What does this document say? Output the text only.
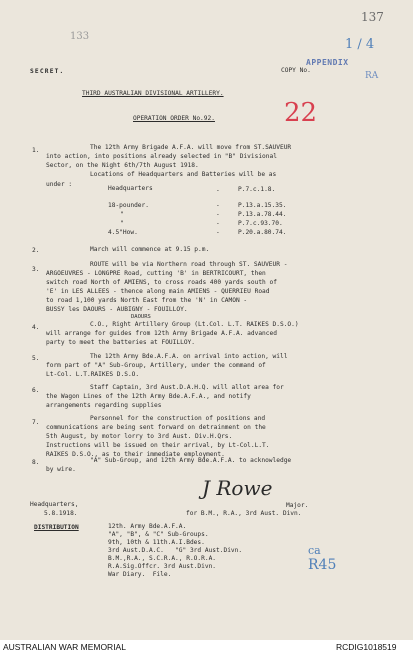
137
133
1 / 4
APPENDIX
RA
22
ca
R45
SECRET.	COPY No.
THIRD AUSTRALIAN DIVISIONAL ARTILLERY.
OPERATION ORDER No.92.
1.	The 12th Army Brigade A.F.A. will move from ST.SAUVEUR
into action, into positions already selected in "B" Divisional
Sector, on the Night 6th/7th August 1918.
Locations of Headquarters and Batteries will be as
under :
Headquarters	-	P.7.c.1.8.
18-pounder.	-	P.13.a.15.35.
"	-	P.13.a.78.44.
"	-	P.7.c.93.70.
4.5"How.	-	P.20.a.80.74.
2.	March will commence at 9.15 p.m.
3.
ROUTE will be via Northern road through ST. SAUVEUR -
ARGOEUVRES - LONGPRE Road, cutting 'B' in BERTRICOURT, then
switch road North of AMIENS, to cross roads 400 yards south of
'E' in LES ALLEES - thence along main AMIENS - QUERRIEU Road
to road 1,100 yards North East from the 'N' in CAMON -
BUSSY les DAOURS - AUBIGNY - FOUILLOY.
DAOURS
4.	C.O., Right Artillery Group (Lt.Col. L.T. RAIKES D.S.O.)
will arrange for guides from 12th Army Brigade A.F.A. advanced
party to meet the batteries at FOUILLOY.
5.	The 12th Army Bde.A.F.A. on arrival into action, will
form part of "A" Sub-Group, Artillery, under the command of
Lt-Col. L.T.RAIKES D.S.O.
6.	Staff Captain, 3rd Aust.D.A.H.Q. will allot area for
the Wagon Lines of the 12th Army Bde.A.F.A., and notify
arrangements regarding supplies
7.
Personnel for the construction of positions and
communications are being sent forward on detrainment on the
5th August, by motor lorry to 3rd Aust. Div.H.Qrs.
Instructions will be issued on their arrival, by Lt-Col.L.T.
RAIKES D.S.O., as to their immediate employment.
8.	"A" Sub-Group, and 12th Army Bde.A.F.A. to acknowledge
by wire.
J Rowe
Major.
for B.M., R.A., 3rd Aust. Divn.
Headquarters,
5.8.1918.
DISTRIBUTION	12th. Army Bde.A.F.A.
"A", "B", & "C" Sub-Groups.
9th, 10th & 11th.A.I.Bdes.
3rd Aust.D.A.C.   "G" 3rd Aust.Divn.
B.M.,R.A., S.C.R.A., R.O.R.A.
R.A.Sig.Offcr. 3rd Aust.Divn.
War Diary.  File.
AUSTRALIAN WAR MEMORIAL	RCDIG1018519
